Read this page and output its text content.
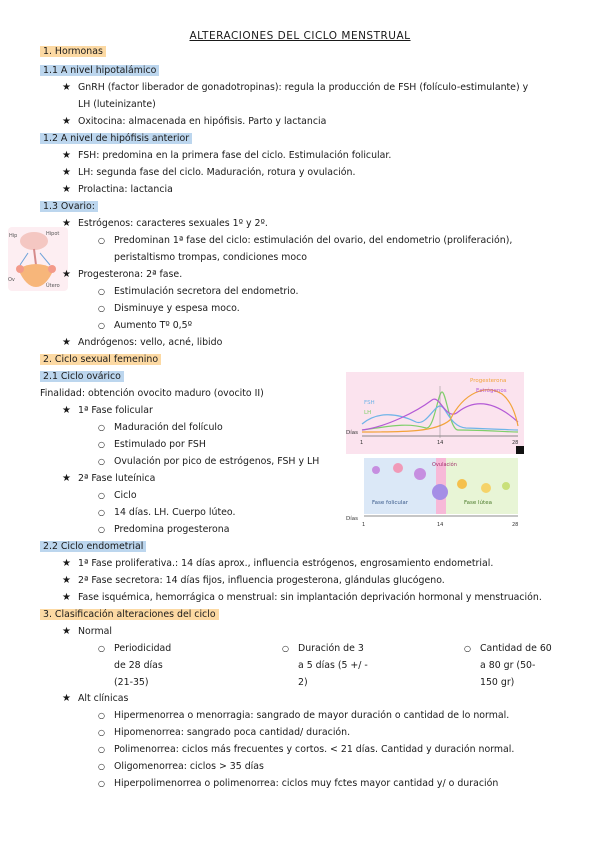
ALTERACIONES DEL CICLO MENSTRUAL
1. Hormonas
1.1 A nivel hipotalámico
★ GnRH (factor liberador de gonadotropinas): regula la producción de FSH (folículo-estimulante) y
LH (luteinizante)
★ Oxitocina: almacenada en hipófisis. Parto y lactancia
1.2 A nivel de hipófisis anterior
★ FSH: predomina en la primera fase del ciclo. Estimulación folicular.
★ LH: segunda fase del ciclo. Maduración, rotura y ovulación.
★ Prolactina: lactancia
1.3 Ovario:
Hip	Hipot
Ov
Útero
★ Estrógenos: caracteres sexuales 1º y 2º.
○ Predominan 1ª fase del ciclo: estimulación del ovario, del endometrio (proliferación),
peristaltismo trompas, condiciones moco
★ Progesterona: 2ª fase.
○ Estimulación secretora del endometrio.
○ Disminuye y espesa moco.
○ Aumento Tº 0,5º
★ Andrógenos: vello, acné, libido
2. Ciclo sexual femenino
2.1 Ciclo ovárico
Finalidad: obtención ovocito maduro (ovocito II)
★ 1ª Fase folicular
○ Maduración del folículo
○ Estimulado por FSH
○ Ovulación por pico de estrógenos, FSH y LH
★ 2ª Fase luteínica
○ Ciclo
○ 14 días. LH. Cuerpo lúteo.
○ Predomina progesterona
Progesterona
Estrógenos
FSH
LH
Días
1	14	28
Fase folicular
Ovulación
Fase lútea
Días
1	14	28
2.2 Ciclo endometrial
★ 1ª Fase proliferativa.: 14 días aprox., influencia estrógenos, engrosamiento endometrial.
★ 2ª Fase secretora: 14 días fijos, influencia progesterona, glándulas glucógeno.
★ Fase isquémica, hemorrágica o menstrual: sin implantación deprivación hormonal y menstruación.
3. Clasificación alteraciones del ciclo
★ Normal
○ Periodicidad
de 28 días
(21-35)
○ Duración de 3
a 5 días (5 +/ -
2)
○ Cantidad de 60
a 80 gr (50-
150 gr)
★ Alt clínicas
○ Hipermenorrea o menorragia: sangrado de mayor duración o cantidad de lo normal.
○ Hipomenorrea: sangrado poca cantidad/ duración.
○ Polimenorrea: ciclos más frecuentes y cortos. < 21 días. Cantidad y duración normal.
○ Oligomenorrea: ciclos > 35 días
○ Hiperpolimenorrea o polimenorrea: ciclos muy fctes mayor cantidad y/ o duración
